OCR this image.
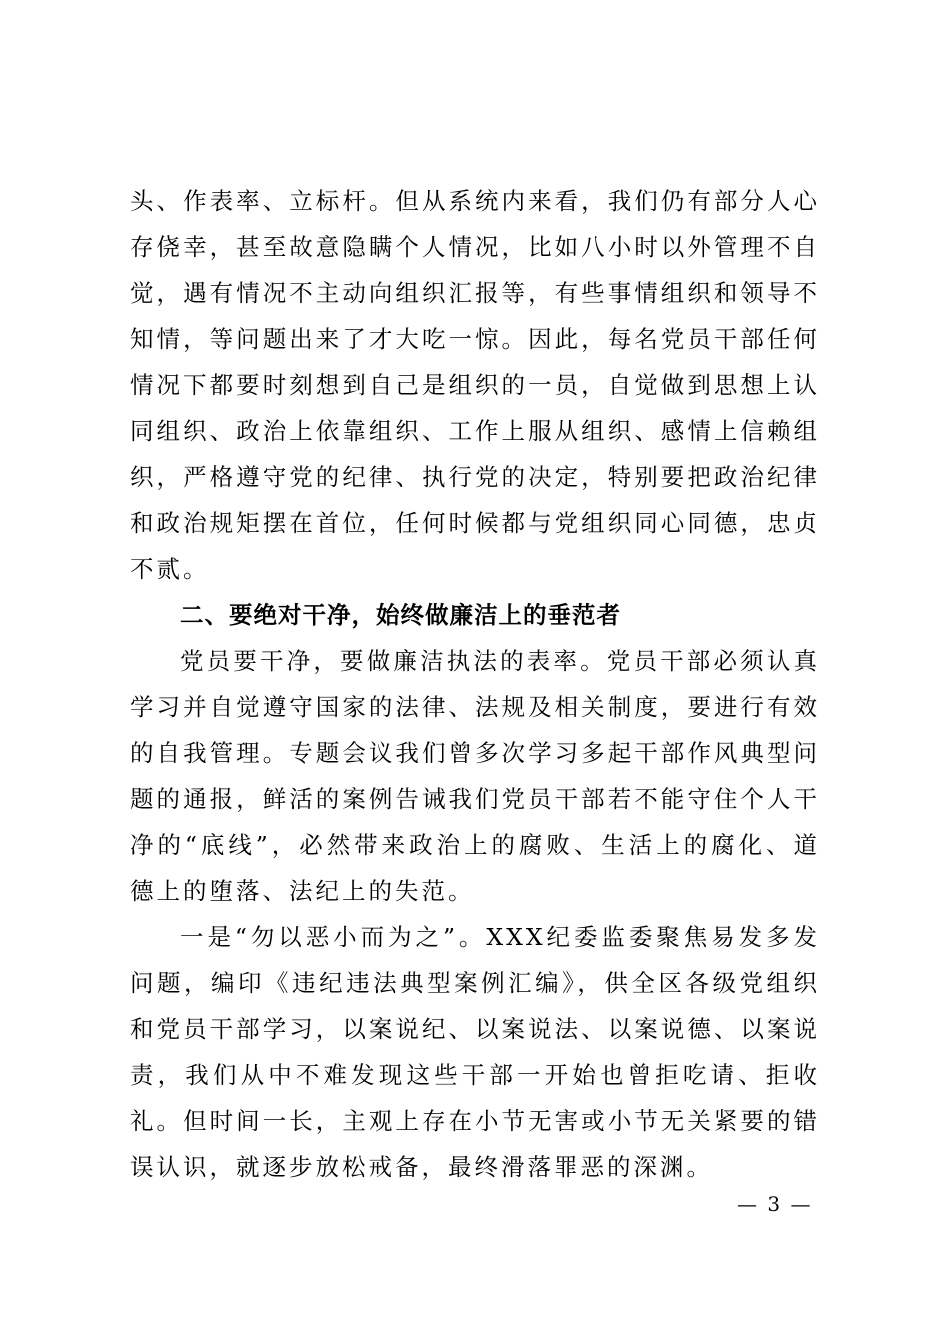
头、作表率、立标杆。但从系统内来看，我们仍有部分人心存侥幸，甚至故意隐瞒个人情况，比如八小时以外管理不自觉，遇有情况不主动向组织汇报等，有些事情组织和领导不知情，等问题出来了才大吃一惊。因此，每名党员干部任何情况下都要时刻想到自己是组织的一员，自觉做到思想上认同组织、政治上依靠组织、工作上服从组织、感情上信赖组织，严格遵守党的纪律、执行党的决定，特别要把政治纪律和政治规矩摆在首位，任何时候都与党组织同心同德，忠贞不贰。

二、要绝对干净，始终做廉洁上的垂范者

党员要干净，要做廉洁执法的表率。党员干部必须认真学习并自觉遵守国家的法律、法规及相关制度，要进行有效的自我管理。专题会议我们曾多次学习多起干部作风典型问题的通报，鲜活的案例告诫我们党员干部若不能守住个人干净的“底线”，必然带来政治上的腐败、生活上的腐化、道德上的堕落、法纪上的失范。

一是“勿以恶小而为之”。XXX纪委监委聚焦易发多发问题，编印《违纪违法典型案例汇编》，供全区各级党组织和党员干部学习，以案说纪、以案说法、以案说德、以案说责，我们从中不难发现这些干部一开始也曾拒吃请、拒收礼。但时间一长，主观上存在小节无害或小节无关紧要的错误认识，就逐步放松戒备，最终滑落罪恶的深渊。

— 3 —
